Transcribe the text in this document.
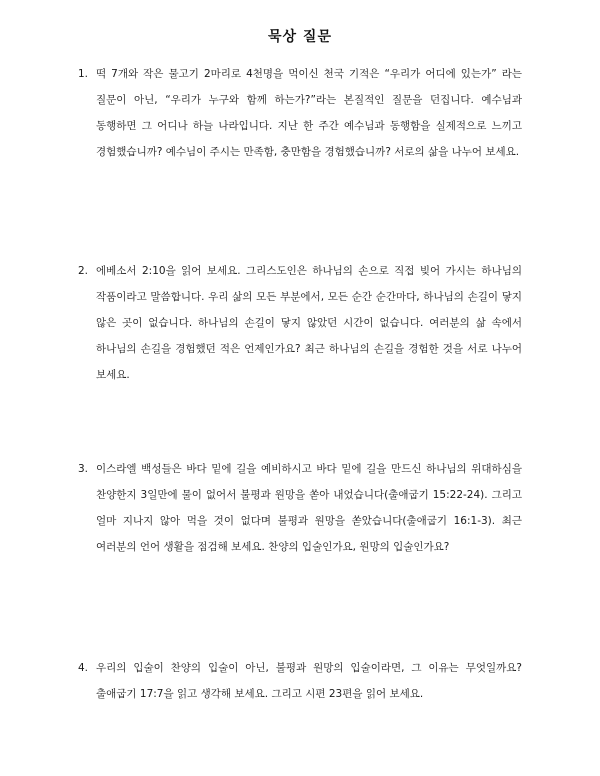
묵상 질문
1. 떡 7개와 작은 물고기 2마리로 4천명을 먹이신 천국 기적은 “우리가 어디에 있는가” 라는 질문이 아닌, “우리가 누구와 함께 하는가?”라는 본질적인 질문을 던집니다. 예수님과 동행하면 그 어디나 하늘 나라입니다. 지난 한 주간 예수님과 동행함을 실제적으로 느끼고 경험했습니까? 예수님이 주시는 만족함, 충만함을 경험했습니까? 서로의 삶을 나누어 보세요.
2. 에베소서 2:10을 읽어 보세요. 그리스도인은 하나님의 손으로 직접 빚어 가시는 하나님의 작품이라고 말씀합니다. 우리 삶의 모든 부분에서, 모든 순간 순간마다, 하나님의 손길이 닿지 않은 곳이 없습니다. 하나님의 손길이 닿지 않았던 시간이 없습니다. 여러분의 삶 속에서 하나님의 손길을 경험했던 적은 언제인가요? 최근 하나님의 손길을 경험한 것을 서로 나누어 보세요.
3. 이스라엘 백성들은 바다 밑에 길을 예비하시고 바다 밑에 길을 만드신 하나님의 위대하심을 찬양한지 3일만에 물이 없어서 불평과 원망을 쏟아 내었습니다(출애굽기 15:22-24). 그리고 얼마 지나지 않아 먹을 것이 없다며 불평과 원망을 쏟았습니다(출애굽기 16:1-3). 최근 여러분의 언어 생활을 점검해 보세요. 찬양의 입술인가요, 원망의 입술인가요?
4. 우리의 입술이 찬양의 입술이 아닌, 불평과 원망의 입술이라면, 그 이유는 무엇일까요? 출애굽기 17:7을 읽고 생각해 보세요. 그리고 시편 23편을 읽어 보세요.
